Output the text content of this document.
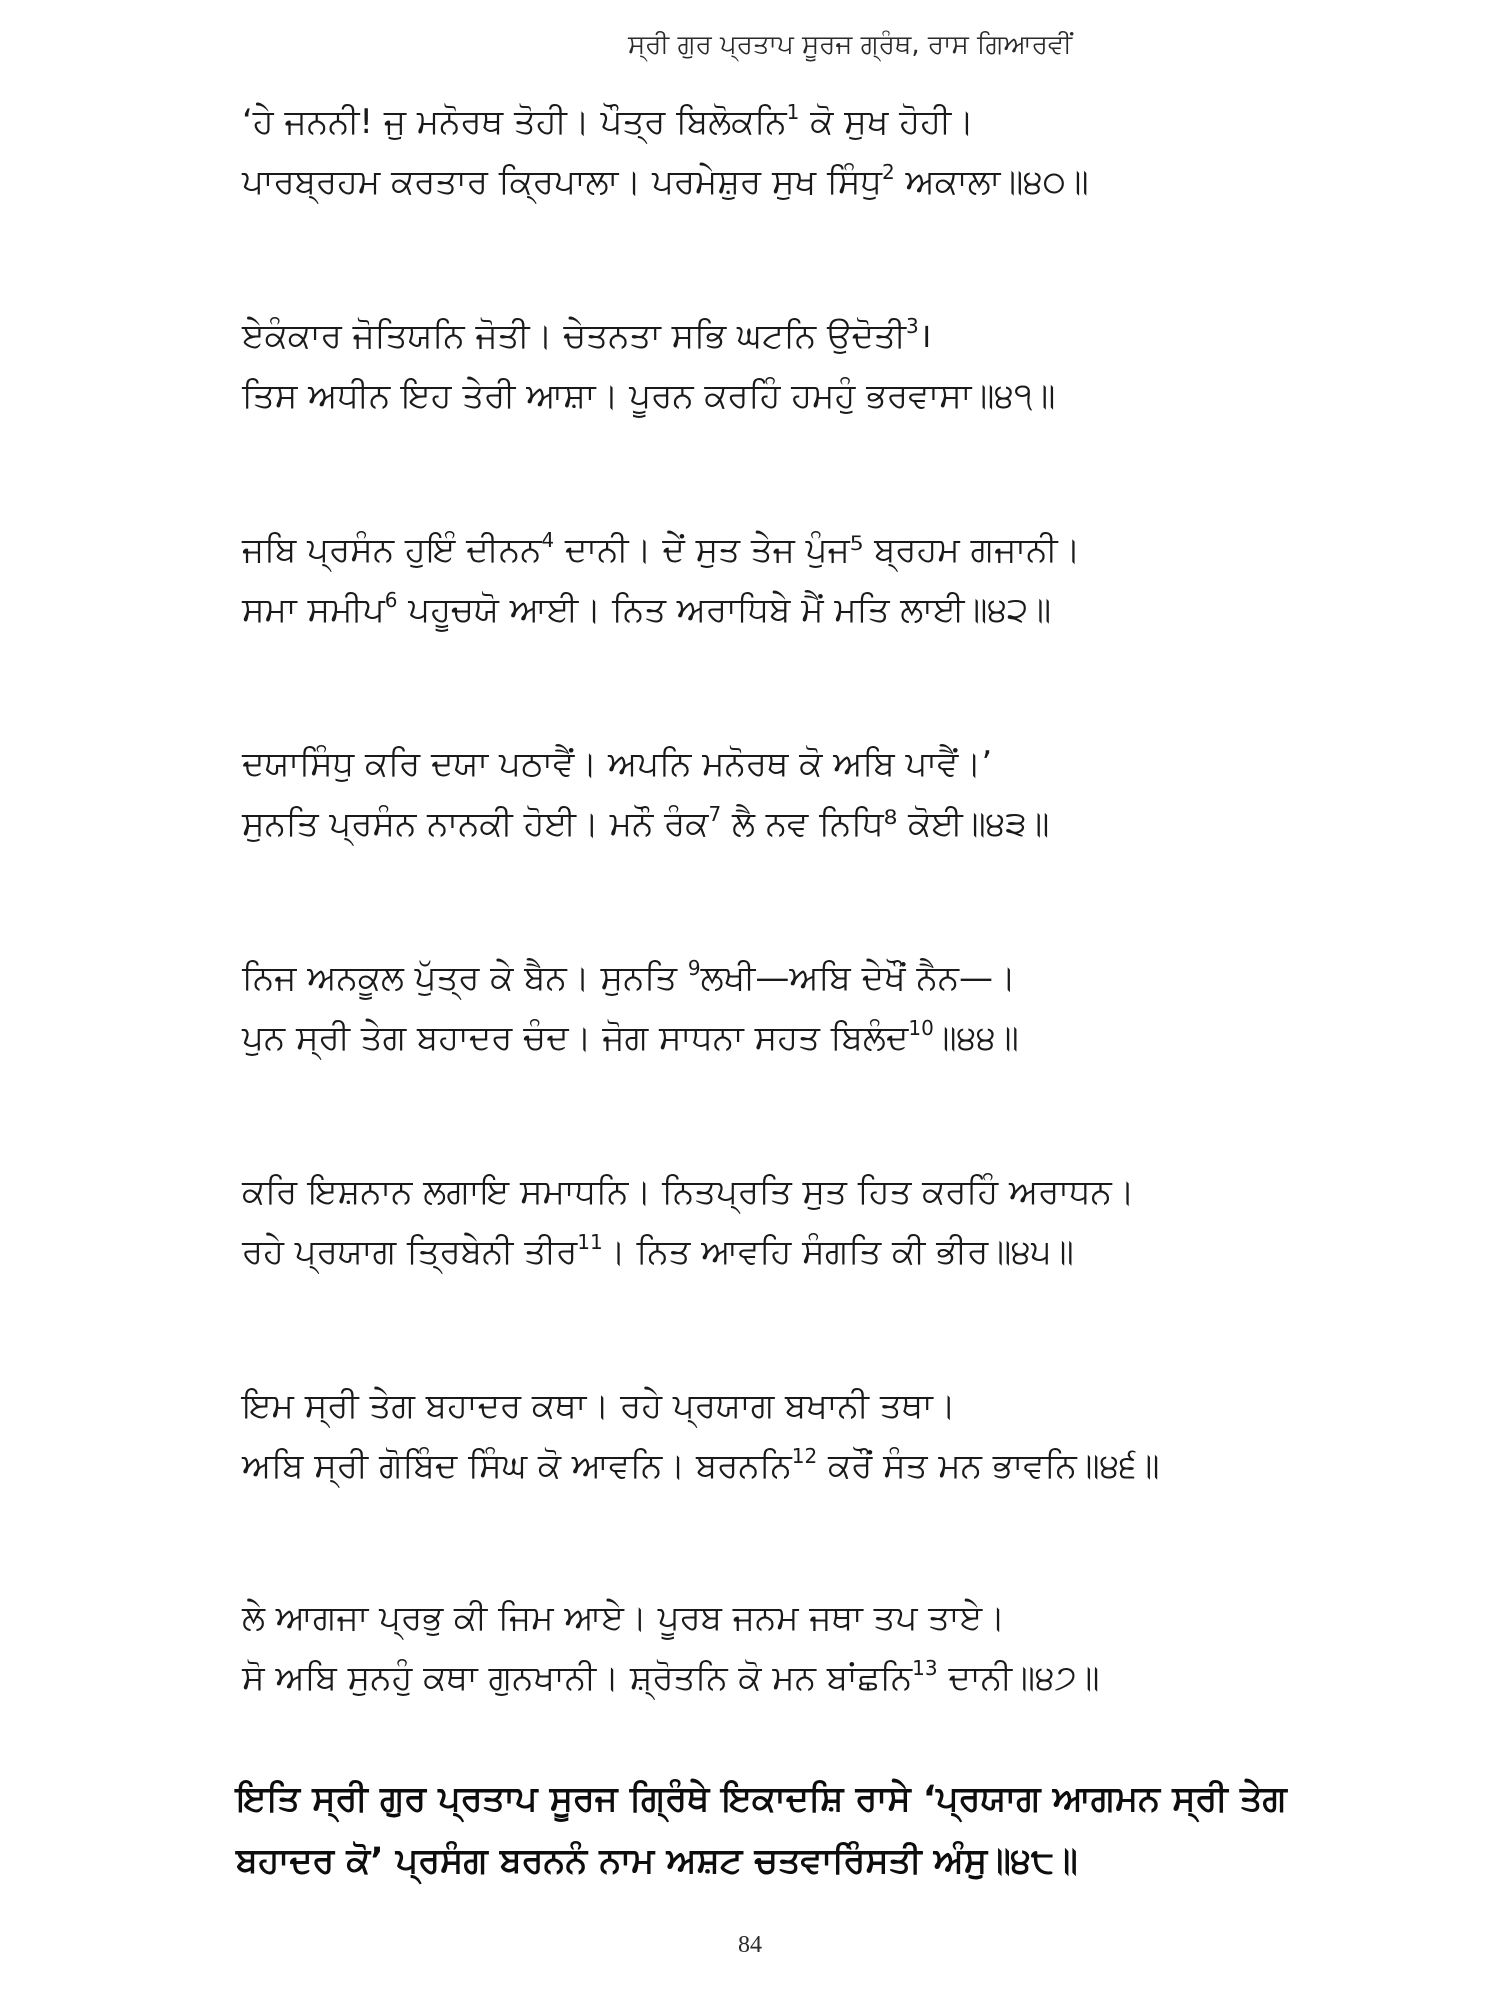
ਸ੍ਰੀ ਗੁਰ ਪ੍ਰਤਾਪ ਸੂਰਜ ਗ੍ਰੰਥ, ਰਾਸ ਗਿਆਰਵੀਂ
‘ਹੇ ਜਨਨੀ! ਜੁ ਮਨੋਰਥ ਤੋਹੀ। ਪੌਤ੍ਰ ਬਿਲੋਕਨਿ$^1$ ਕੋ ਸੁਖ ਹੋਹੀ।
ਪਾਰਬ੍ਰਹਮ ਕਰਤਾਰ ਕ੍ਰਿਪਾਲਾ। ਪਰਮੇਸ਼ੁਰ ਸੁਖ ਸਿੰਧੁ$^2$ ਅਕਾਲਾ॥੪੦॥
ਏਕੰਕਾਰ ਜੋਤਿਯਨਿ ਜੋਤੀ। ਚੇਤਨਤਾ ਸਭਿ ਘਟਨਿ ਉਦੋਤੀ$^3$।
ਤਿਸ ਅਧੀਨ ਇਹ ਤੇਰੀ ਆਸ਼ਾ। ਪੂਰਨ ਕਰਹਿੰ ਹਮਹੁੰ ਭਰਵਾਸਾ॥੪੧॥
ਜਬਿ ਪ੍ਰਸੰਨ ਹੁਇੰ ਦੀਨਨ$^4$ ਦਾਨੀ। ਦੇਂ ਸੁਤ ਤੇਜ ਪੁੰਜ⁵ ਬ੍ਰਹਮ ਗਜਾਨੀ।
ਸਮਾ ਸਮੀਪ$^6$ ਪਹੂਚਯੋ ਆਈ। ਨਿਤ ਅਰਾਧਿਬੇ ਮੈਂ ਮਤਿ ਲਾਈ॥੪੨॥
ਦਯਾਸਿੰਧੁ ਕਰਿ ਦਯਾ ਪਠਾਵੈਂ। ਅਪਨਿ ਮਨੋਰਥ ਕੋ ਅਬਿ ਪਾਵੈਂ।’
ਸੁਨਤਿ ਪ੍ਰਸੰਨ ਨਾਨਕੀ ਹੋਈ। ਮਨੌ ਰੰਕ$^7$ ਲੈ ਨਵ ਨਿਧਿ⁸ ਕੋਈ॥੪੩॥
ਨਿਜ ਅਨਕੂਲ ਪੁੱਤ੍ਰ ਕੇ ਬੈਨ। ਸੁਨਤਿ $^9$ਲਖੀ—ਅਬਿ ਦੇਖੌਂ ਨੈਨ—।
ਪੁਨ ਸ੍ਰੀ ਤੇਗ ਬਹਾਦਰ ਚੰਦ। ਜੋਗ ਸਾਧਨਾ ਸਹਤ ਬਿਲੰਦ$^{10}$॥੪੪॥
ਕਰਿ ਇਸ਼ਨਾਨ ਲਗਾਇ ਸਮਾਧਨਿ। ਨਿਤਪ੍ਰਤਿ ਸੁਤ ਹਿਤ ਕਰਹਿੰ ਅਰਾਧਨ।
ਰਹੇ ਪ੍ਰਯਾਗ ਤ੍ਰਿਬੇਨੀ ਤੀਰ$^{11}$। ਨਿਤ ਆਵਹਿ ਸੰਗਤਿ ਕੀ ਭੀਰ॥੪੫॥
ਇਮ ਸ੍ਰੀ ਤੇਗ ਬਹਾਦਰ ਕਥਾ। ਰਹੇ ਪ੍ਰਯਾਗ ਬਖਾਨੀ ਤਥਾ।
ਅਬਿ ਸ੍ਰੀ ਗੋਬਿੰਦ ਸਿੰਘ ਕੋ ਆਵਨਿ। ਬਰਨਨਿ$^{12}$ ਕਰੌਂ ਸੰਤ ਮਨ ਭਾਵਨਿ॥੪੬॥
ਲੇ ਆਗਜਾ ਪ੍ਰਭੁ ਕੀ ਜਿਮ ਆਏ। ਪੂਰਬ ਜਨਮ ਜਥਾ ਤਪ ਤਾਏ।
ਸੋ ਅਬਿ ਸੁਨਹੁੰ ਕਥਾ ਗੁਨਖਾਨੀ। ਸ਼੍ਰੋਤਨਿ ਕੋ ਮਨ ਬਾਂਛਨਿ$^{13}$ ਦਾਨੀ॥੪੭॥
ਇਤਿ ਸ੍ਰੀ ਗੁਰ ਪ੍ਰਤਾਪ ਸੂਰਜ ਗ੍ਰਿੰਥੇ ਇਕਾਦਸ਼ਿ ਰਾਸੇ ‘ਪ੍ਰਯਾਗ ਆਗਮਨ ਸ੍ਰੀ ਤੇਗ
ਬਹਾਦਰ ਕੋ’ ਪ੍ਰਸੰਗ ਬਰਨਨੰ ਨਾਮ ਅਸ਼ਟ ਚਤਵਾਰਿੰਸਤੀ ਅੰਸੁ॥੪੮॥
84
